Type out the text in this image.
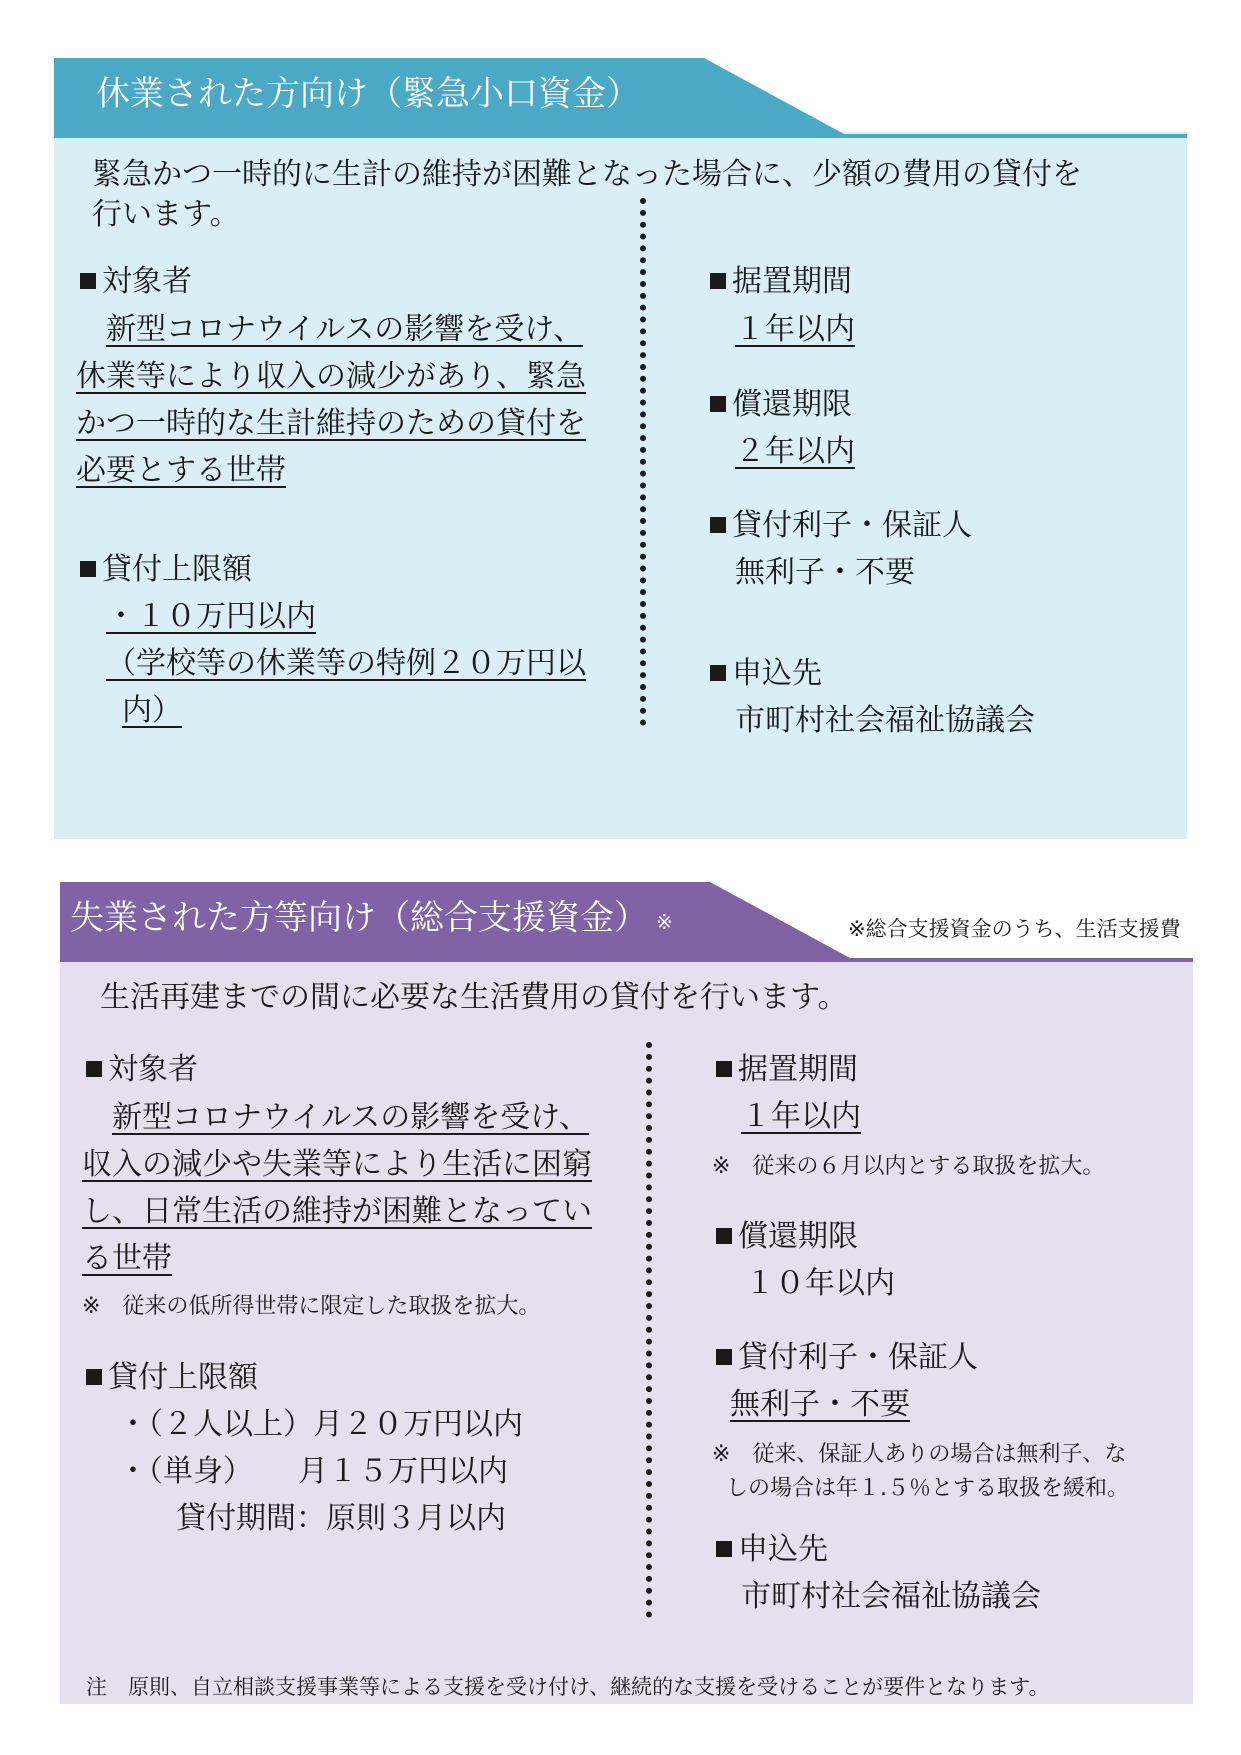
休業された方向け（緊急小口資金）
緊急かつ一時的に生計の維持が困難となった場合に、少額の費用の貸付を
行います。
対象者
新型コロナウイルスの影響を受け、
休業等により収入の減少があり、緊急
かつ一時的な生計維持のための貸付を
必要とする世帯
貸付上限額
・１０万円以内
（学校等の休業等の特例２０万円以
内）
据置期間
１年以内
償還期限
２年以内
貸付利子・保証人
無利子・不要
申込先
市町村社会福祉協議会
失業された方等向け（総合支援資金） ※	※総合支援資金のうち、生活支援費
生活再建までの間に必要な生活費用の貸付を行います。
対象者
新型コロナウイルスの影響を受け、
収入の減少や失業等により生活に困窮
し、日常生活の維持が困難となってい
る世帯
※　従来の低所得世帯に限定した取扱を拡大。
貸付上限額
・（２人以上）月２０万円以内
・（単身）　　月１５万円以内
貸付期間：原則３月以内
据置期間
１年以内
※　従来の６月以内とする取扱を拡大。
償還期限
１０年以内
貸付利子・保証人
無利子・不要
※　従来、保証人ありの場合は無利子、な
しの場合は年１.５％とする取扱を緩和。
申込先
市町村社会福祉協議会
注　原則、自立相談支援事業等による支援を受け付け、継続的な支援を受けることが要件となります。
